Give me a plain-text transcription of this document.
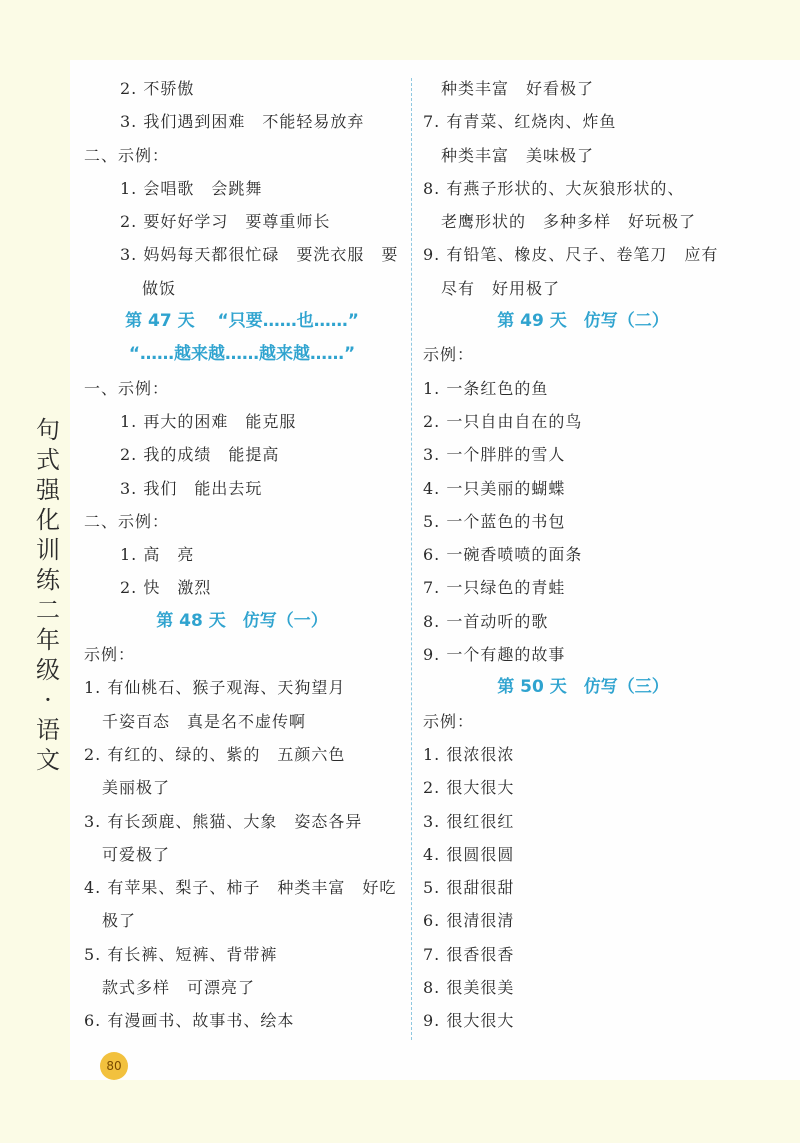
句
式
强
化
训
练
二
年
级
·
语
文
2. 不骄傲
3. 我们遇到困难　不能轻易放弃
二、示例：
1. 会唱歌　会跳舞
2. 要好好学习　要尊重师长
3. 妈妈每天都很忙碌　要洗衣服　要
做饭
第 47 天　 “只要……也……”
“……越来越……越来越……”
一、示例：
1. 再大的困难　能克服
2. 我的成绩　能提高
3. 我们　能出去玩
二、示例：
1. 高　亮
2. 快　激烈
第 48 天　仿写（一）
示例：
1. 有仙桃石、猴子观海、天狗望月
千姿百态　真是名不虚传啊
2. 有红的、绿的、紫的　五颜六色
美丽极了
3. 有长颈鹿、熊猫、大象　姿态各异
可爱极了
4. 有苹果、梨子、柿子　种类丰富　好吃
极了
5. 有长裤、短裤、背带裤
款式多样　可漂亮了
6. 有漫画书、故事书、绘本
种类丰富　好看极了
7. 有青菜、红烧肉、炸鱼
种类丰富　美味极了
8. 有燕子形状的、大灰狼形状的、
老鹰形状的　多种多样　好玩极了
9. 有铅笔、橡皮、尺子、卷笔刀　应有
尽有　好用极了
第 49 天　仿写（二）
示例：
1. 一条红色的鱼
2. 一只自由自在的鸟
3. 一个胖胖的雪人
4. 一只美丽的蝴蝶
5. 一个蓝色的书包
6. 一碗香喷喷的面条
7. 一只绿色的青蛙
8. 一首动听的歌
9. 一个有趣的故事
第 50 天　仿写（三）
示例：
1. 很浓很浓
2. 很大很大
3. 很红很红
4. 很圆很圆
5. 很甜很甜
6. 很清很清
7. 很香很香
8. 很美很美
9. 很大很大
80
